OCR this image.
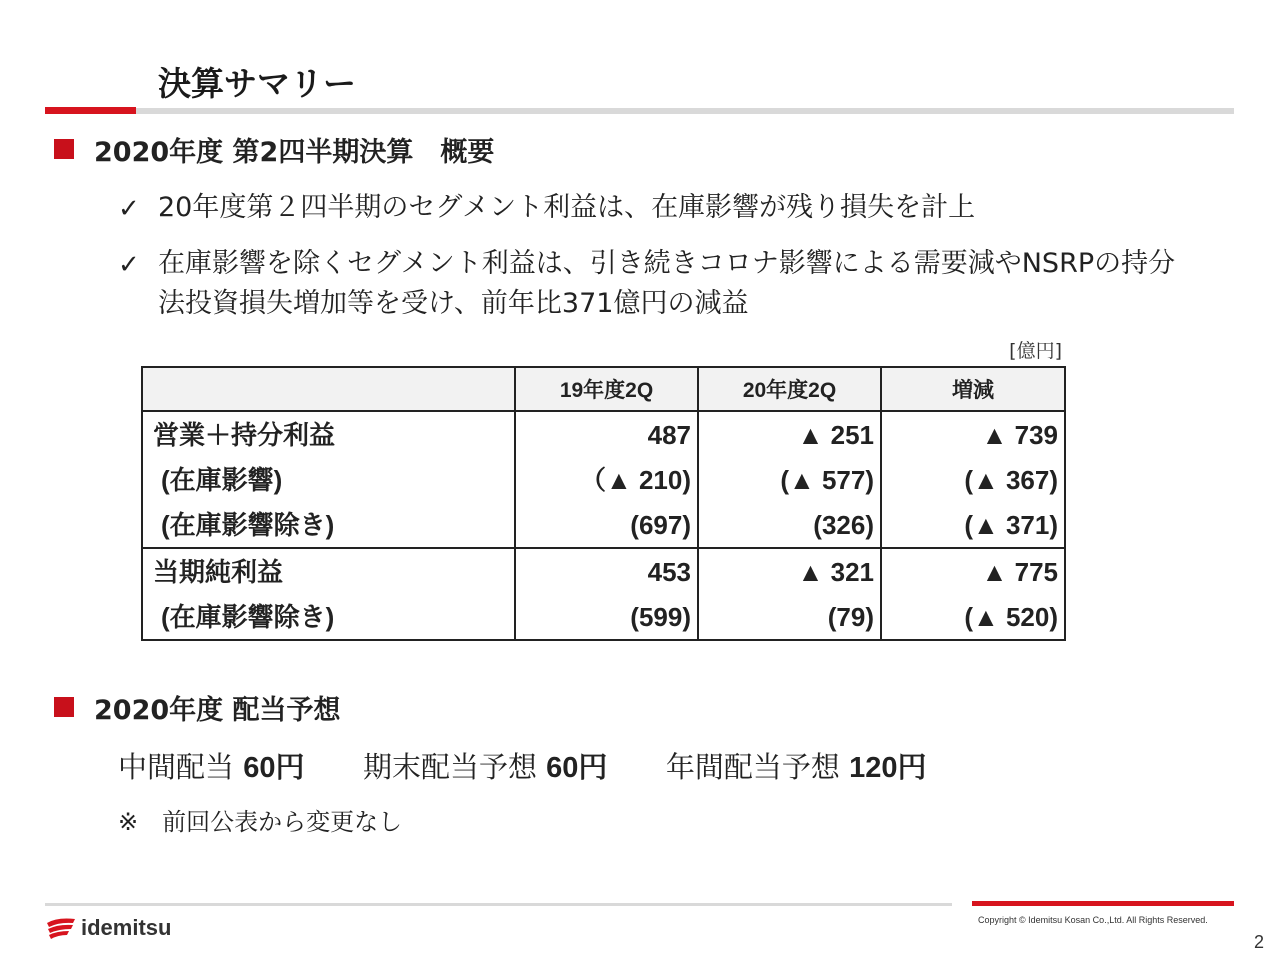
決算サマリー
2020年度 第2四半期決算　概要
✓ 20年度第２四半期のセグメント利益は、在庫影響が残り損失を計上
✓ 在庫影響を除くセグメント利益は、引き続きコロナ影響による需要減やNSRPの持分
法投資損失増加等を受け、前年比371億円の減益
[億円]
	19年度2Q	20年度2Q	増減
営業＋持分利益	487	▲ 251	▲ 739
(在庫影響)	（▲ 210)	(▲ 577)	(▲ 367)
(在庫影響除き)	(697)	(326)	(▲ 371)
当期純利益	453	▲ 321	▲ 775
(在庫影響除き)	(599)	(79)	(▲ 520)
2020年度 配当予想
中間配当 60円 期末配当予想 60円 年間配当予想 120円
※　前回公表から変更なし
idemitsu	Copyright © Idemitsu Kosan Co.,Ltd. All Rights Reserved.
2
